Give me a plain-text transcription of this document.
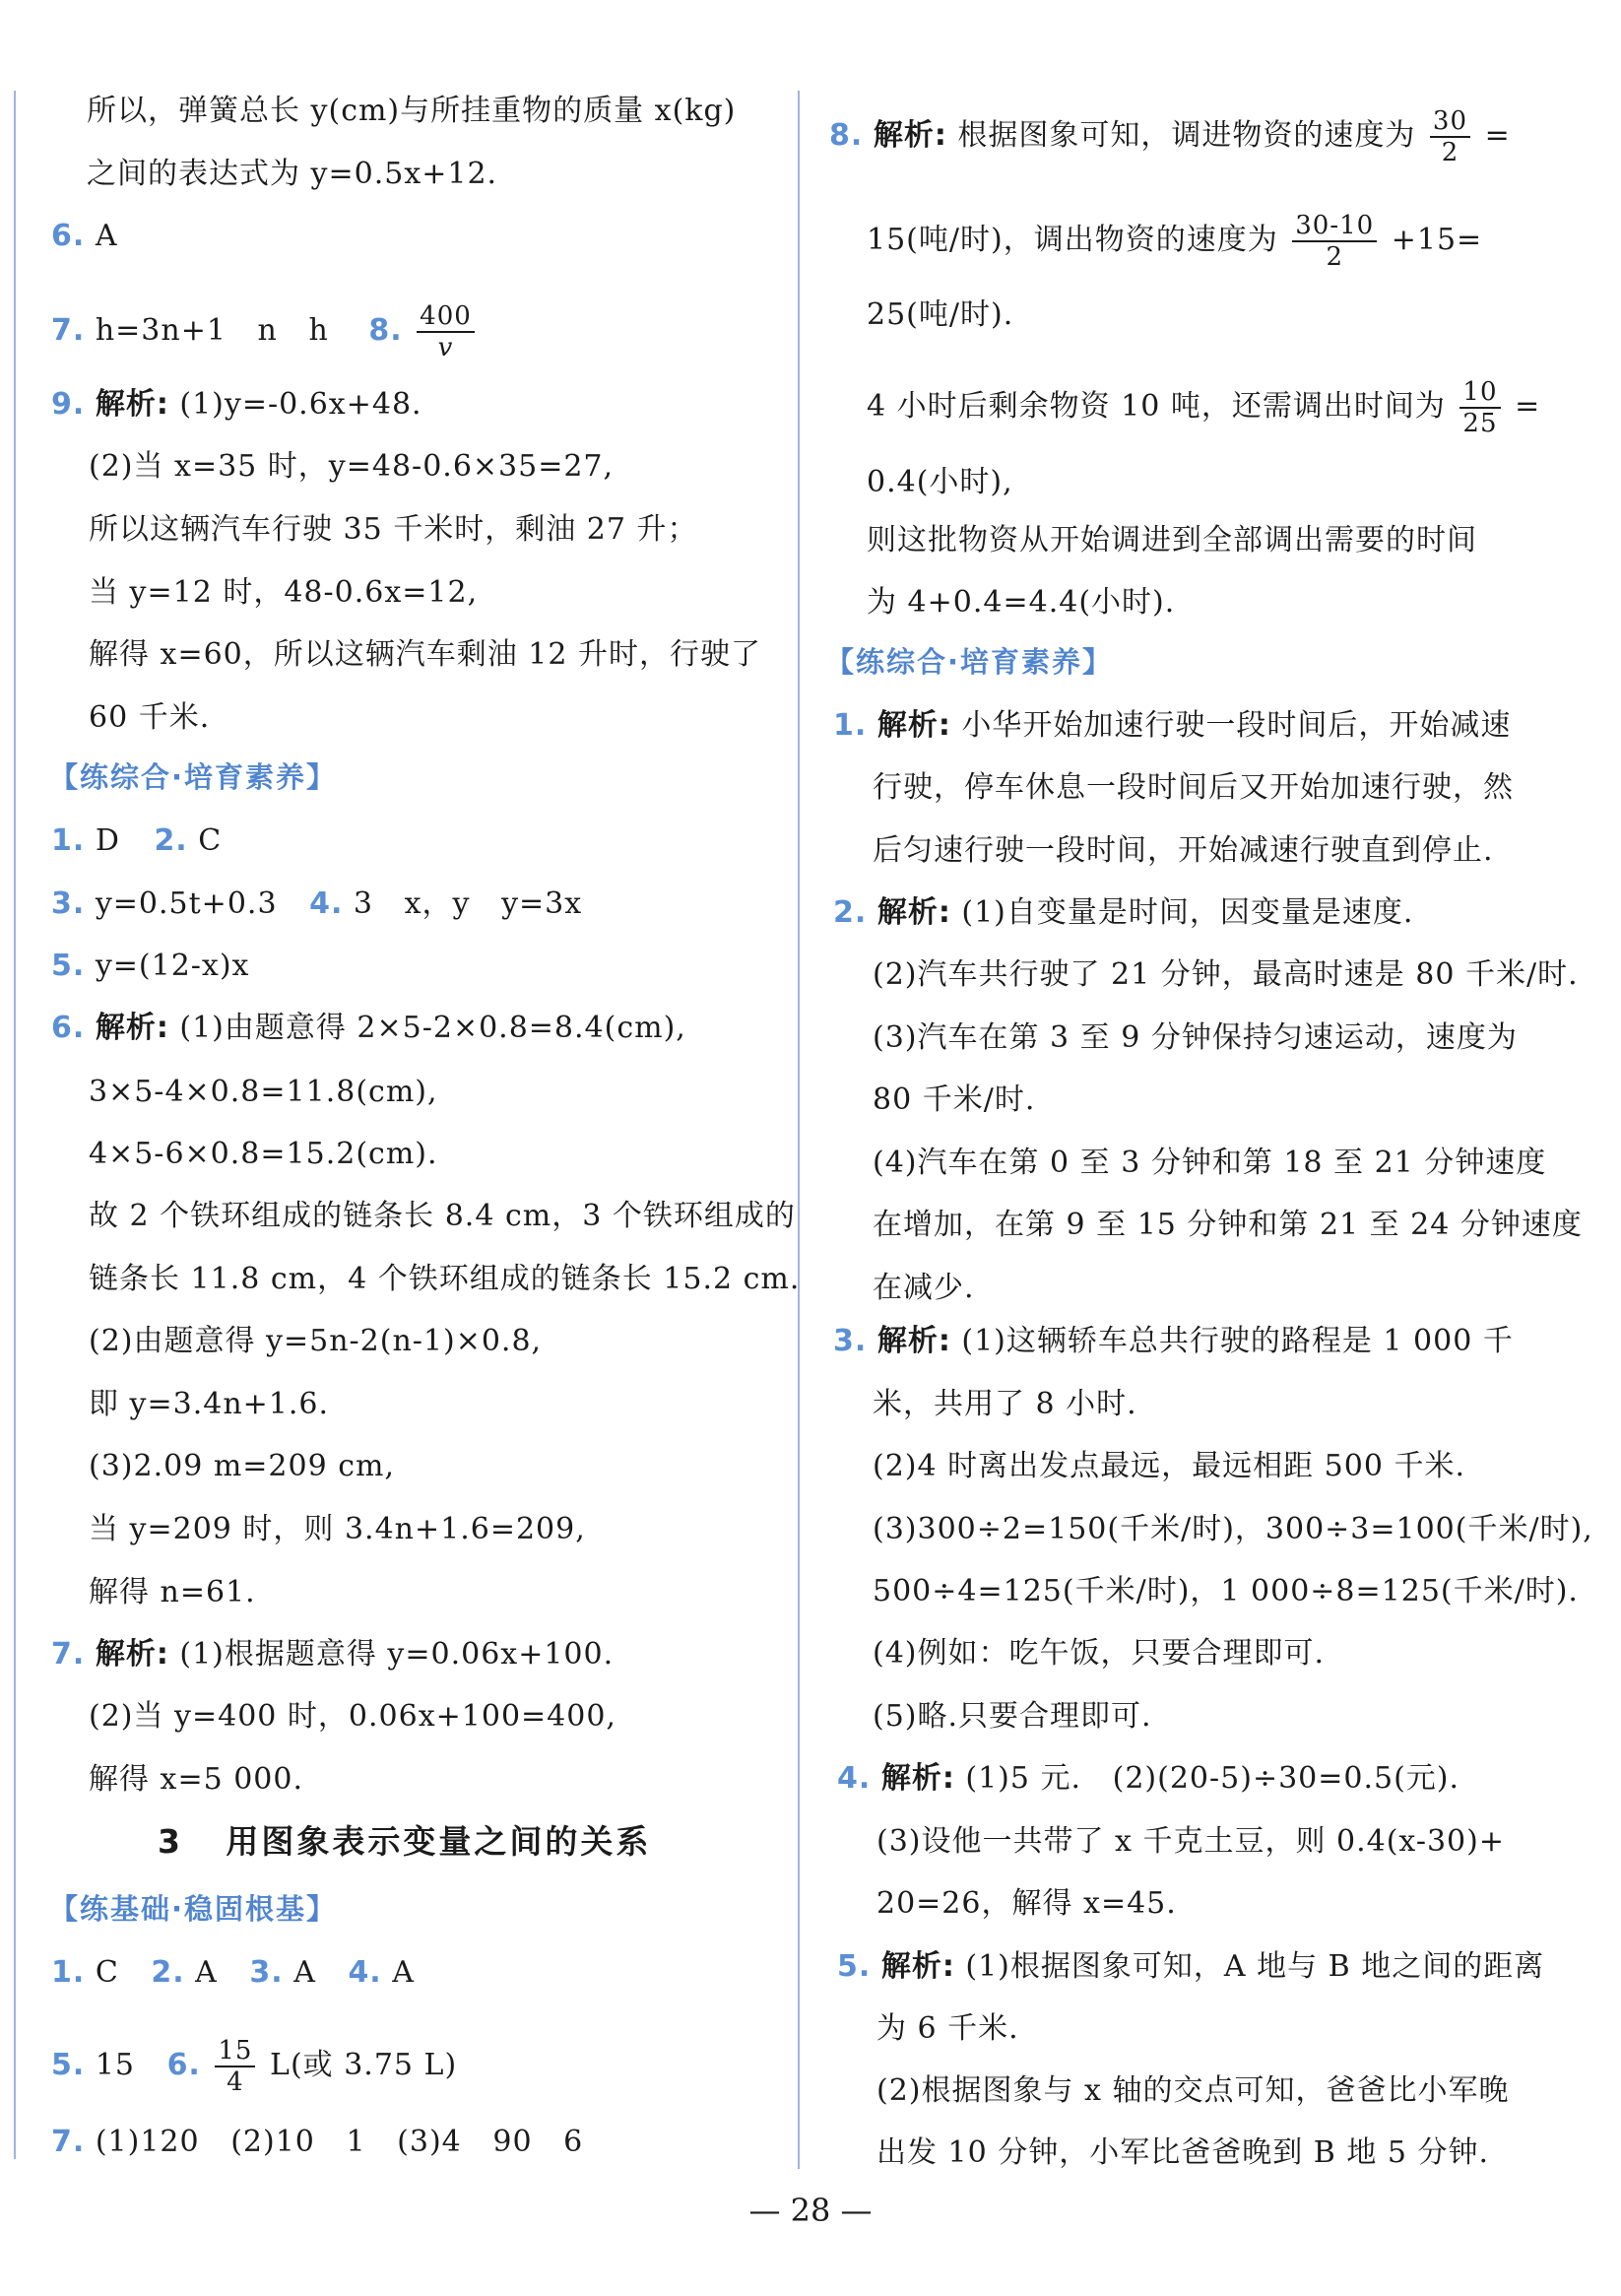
所以，弹簧总长 y(cm)与所挂重物的质量 x(kg)
之间的表达式为 y=0.5x+12.
6. A
7. h=3n+1   n   h 8. $\frac{400}{v}$
9. 解析: (1)y=-0.6x+48.
(2)当 x=35 时，y=48-0.6×35=27,
所以这辆汽车行驶 35 千米时，剩油 27 升；
当 y=12 时，48-0.6x=12,
解得 x=60，所以这辆汽车剩油 12 升时，行驶了
60 千米.
【练综合·培育素养】
1. D 2. C
3. y=0.5t+0.3 4. 3   x，y   y=3x
5. y=(12-x)x
6. 解析: (1)由题意得 2×5-2×0.8=8.4(cm),
3×5-4×0.8=11.8(cm),
4×5-6×0.8=15.2(cm).
故 2 个铁环组成的链条长 8.4 cm，3 个铁环组成的
链条长 11.8 cm，4 个铁环组成的链条长 15.2 cm.
(2)由题意得 y=5n-2(n-1)×0.8,
即 y=3.4n+1.6.
(3)2.09 m=209 cm,
当 y=209 时，则 3.4n+1.6=209,
解得 n=61.
7. 解析: (1)根据题意得 y=0.06x+100.
(2)当 y=400 时，0.06x+100=400,
解得 x=5 000.
3   用图象表示变量之间的关系
【练基础·稳固根基】
1. C 2. A 3. A 4. A
5. 15 6. $\frac{15}{4} L$(或 3.75 L)
7. (1)120   (2)10   1   (3)4   90   6
8. 解析: 根据图象可知，调进物资的速度为 $\frac{30}{2}$ =
15(吨/时)，调出物资的速度为 $\frac{30-10}{2} +15=$
25(吨/时).
4 小时后剩余物资 10 吨，还需调出时间为 $\frac{10}{25}$ =
0.4(小时),
则这批物资从开始调进到全部调出需要的时间
为 4+0.4=4.4(小时).
【练综合·培育素养】
1. 解析: 小华开始加速行驶一段时间后，开始减速
行驶，停车休息一段时间后又开始加速行驶，然
后匀速行驶一段时间，开始减速行驶直到停止.
2. 解析: (1)自变量是时间，因变量是速度.
(2)汽车共行驶了 21 分钟，最高时速是 80 千米/时.
(3)汽车在第 3 至 9 分钟保持匀速运动，速度为
80 千米/时.
(4)汽车在第 0 至 3 分钟和第 18 至 21 分钟速度
在增加，在第 9 至 15 分钟和第 21 至 24 分钟速度
在减少.
3. 解析: (1)这辆轿车总共行驶的路程是 1 000 千
米，共用了 8 小时.
(2)4 时离出发点最远，最远相距 500 千米.
(3)300÷2=150(千米/时)，300÷3=100(千米/时),
500÷4=125(千米/时)，1 000÷8=125(千米/时).
(4)例如：吃午饭，只要合理即可.
(5)略.只要合理即可.
4. 解析: (1)5 元.   (2)(20-5)÷30=0.5(元).
(3)设他一共带了 x 千克土豆，则 0.4(x-30)+
20=26，解得 x=45.
5. 解析: (1)根据图象可知，A 地与 B 地之间的距离
为 6 千米.
(2)根据图象与 x 轴的交点可知，爸爸比小军晚
出发 10 分钟，小军比爸爸晚到 B 地 5 分钟.
— 28 —
